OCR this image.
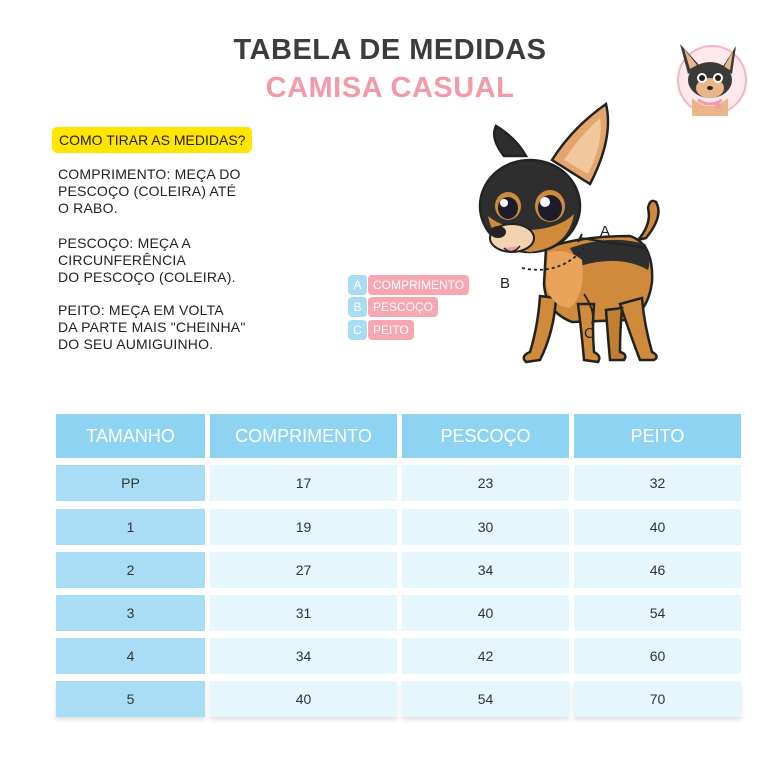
TABELA DE MEDIDAS
CAMISA CASUAL
COMO TIRAR AS MEDIDAS?
COMPRIMENTO: MEÇA DO
PESCOÇO (COLEIRA) ATÉ
O RABO.
PESCOÇO: MEÇA A
CIRCUNFERÊNCIA
DO PESCOÇO (COLEIRA).
PEITO: MEÇA EM VOLTA
DA PARTE MAIS "CHEINHA"
DO SEU AUMIGUINHO.
A COMPRIMENTO
B PESCOÇO
C PEITO
A
B
C
TAMANHO	COMPRIMENTO	PESCOÇO	PEITO
PP	17	23	32
1	19	30	40
2	27	34	46
3	31	40	54
4	34	42	60
5	40	54	70
